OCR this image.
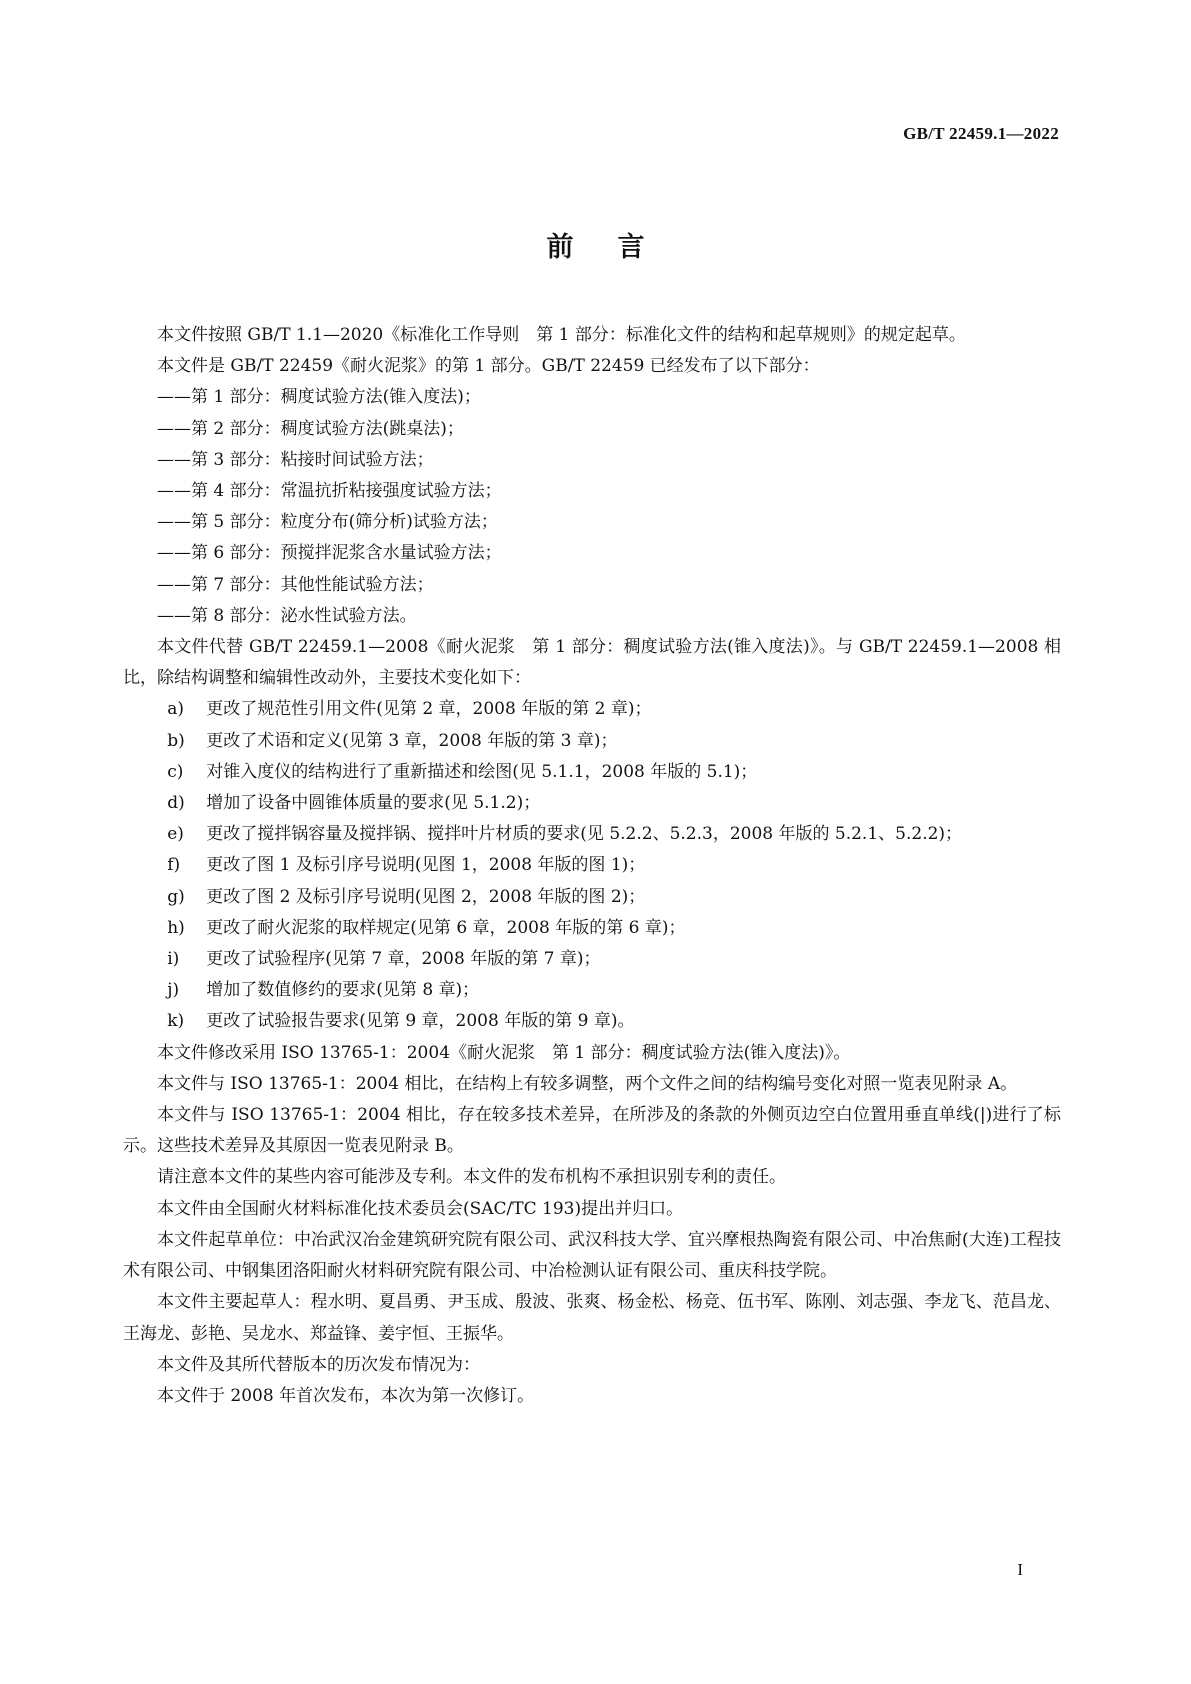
GB/T 22459.1—2022
前言

本文件按照 GB/T 1.1—2020《标准化工作导则　第 1 部分：标准化文件的结构和起草规则》的规定起草。

本文件是 GB/T 22459《耐火泥浆》的第 1 部分。GB/T 22459 已经发布了以下部分：

——第 1 部分：稠度试验方法(锥入度法)；

——第 2 部分：稠度试验方法(跳桌法)；

——第 3 部分：粘接时间试验方法；

——第 4 部分：常温抗折粘接强度试验方法；

——第 5 部分：粒度分布(筛分析)试验方法；

——第 6 部分：预搅拌泥浆含水量试验方法；

——第 7 部分：其他性能试验方法；

——第 8 部分：泌水性试验方法。

本文件代替 GB/T 22459.1—2008《耐火泥浆　第 1 部分：稠度试验方法(锥入度法)》。与 GB/T 22459.1—2008 相比，除结构调整和编辑性改动外，主要技术变化如下：

a)	更改了规范性引用文件(见第 2 章，2008 年版的第 2 章)；
b)	更改了术语和定义(见第 3 章，2008 年版的第 3 章)；
c)	对锥入度仪的结构进行了重新描述和绘图(见 5.1.1，2008 年版的 5.1)；
d)	增加了设备中圆锥体质量的要求(见 5.1.2)；
e)	更改了搅拌锅容量及搅拌锅、搅拌叶片材质的要求(见 5.2.2、5.2.3，2008 年版的 5.2.1、5.2.2)；
f)	更改了图 1 及标引序号说明(见图 1，2008 年版的图 1)；
g)	更改了图 2 及标引序号说明(见图 2，2008 年版的图 2)；
h)	更改了耐火泥浆的取样规定(见第 6 章，2008 年版的第 6 章)；
i)	更改了试验程序(见第 7 章，2008 年版的第 7 章)；
j)	增加了数值修约的要求(见第 8 章)；
k)	更改了试验报告要求(见第 9 章，2008 年版的第 9 章)。

本文件修改采用 ISO 13765-1：2004《耐火泥浆　第 1 部分：稠度试验方法(锥入度法)》。

本文件与 ISO 13765-1：2004 相比，在结构上有较多调整，两个文件之间的结构编号变化对照一览表见附录 A。

本文件与 ISO 13765-1：2004 相比，存在较多技术差异，在所涉及的条款的外侧页边空白位置用垂直单线(|)进行了标示。这些技术差异及其原因一览表见附录 B。

请注意本文件的某些内容可能涉及专利。本文件的发布机构不承担识别专利的责任。

本文件由全国耐火材料标准化技术委员会(SAC/TC 193)提出并归口。

本文件起草单位：中冶武汉冶金建筑研究院有限公司、武汉科技大学、宜兴摩根热陶瓷有限公司、中冶焦耐(大连)工程技术有限公司、中钢集团洛阳耐火材料研究院有限公司、中冶检测认证有限公司、重庆科技学院。

本文件主要起草人：程水明、夏昌勇、尹玉成、殷波、张爽、杨金松、杨竞、伍书军、陈刚、刘志强、李龙飞、范昌龙、王海龙、彭艳、吴龙水、郑益锋、姜宇恒、王振华。

本文件及其所代替版本的历次发布情况为：

本文件于 2008 年首次发布，本次为第一次修订。

I
